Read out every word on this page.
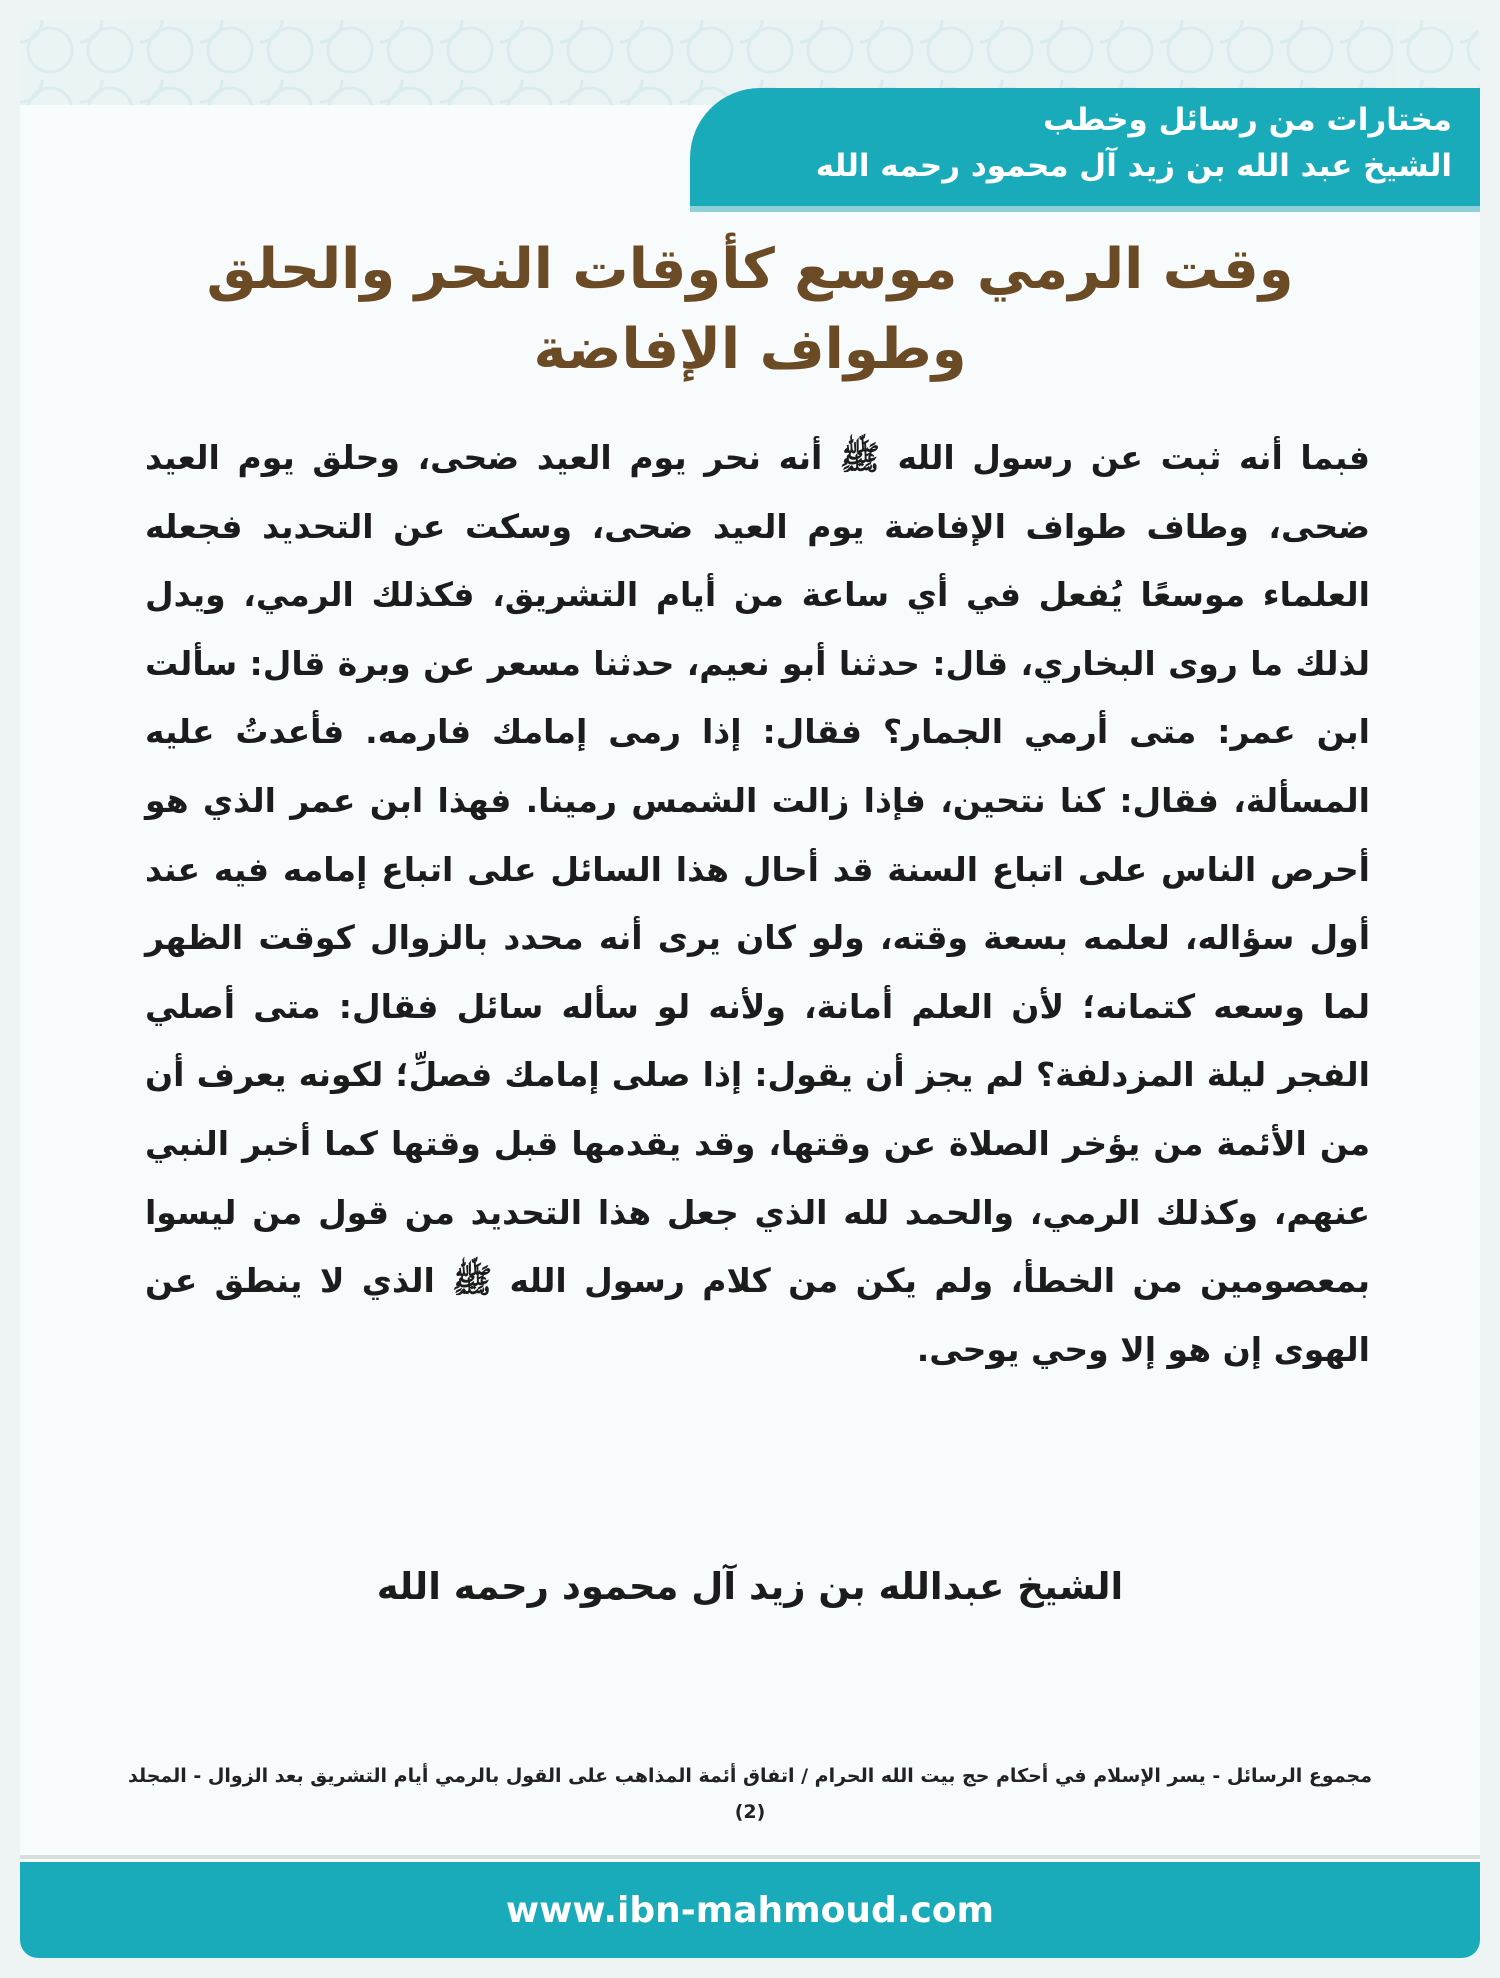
مختارات من رسائل وخطب
الشيخ عبد الله بن زيد آل محمود رحمه الله
وقت الرمي موسع كأوقات النحر والحلق وطواف الإفاضة
فبما أنه ثبت عن رسول الله ﷺ أنه نحر يوم العيد ضحى، وحلق يوم العيد ضحى، وطاف طواف الإفاضة يوم العيد ضحى، وسكت عن التحديد فجعله العلماء موسعًا يُفعل في أي ساعة من أيام التشريق، فكذلك الرمي، ويدل لذلك ما روى البخاري، قال: حدثنا أبو نعيم، حدثنا مسعر عن وبرة قال: سألت ابن عمر: متى أرمي الجمار؟ فقال: إذا رمى إمامك فارمه. فأعدتُ عليه المسألة، فقال: كنا نتحين، فإذا زالت الشمس رمينا. فهذا ابن عمر الذي هو أحرص الناس على اتباع السنة قد أحال هذا السائل على اتباع إمامه فيه عند أول سؤاله، لعلمه بسعة وقته، ولو كان يرى أنه محدد بالزوال كوقت الظهر لما وسعه كتمانه؛ لأن العلم أمانة، ولأنه لو سأله سائل فقال: متى أصلي الفجر ليلة المزدلفة؟ لم يجز أن يقول: إذا صلى إمامك فصلِّ؛ لكونه يعرف أن من الأئمة من يؤخر الصلاة عن وقتها، وقد يقدمها قبل وقتها كما أخبر النبي عنهم، وكذلك الرمي، والحمد لله الذي جعل هذا التحديد من قول من ليسوا بمعصومين من الخطأ، ولم يكن من كلام رسول الله ﷺ الذي لا ينطق عن الهوى إن هو إلا وحي يوحى.
الشيخ عبدالله بن زيد آل محمود رحمه الله
مجموع الرسائل - يسر الإسلام في أحكام حج بيت الله الحرام / اتفاق أئمة المذاهب على القول بالرمي أيام التشريق بعد الزوال - المجلد (2)
www.ibn-mahmoud.com
